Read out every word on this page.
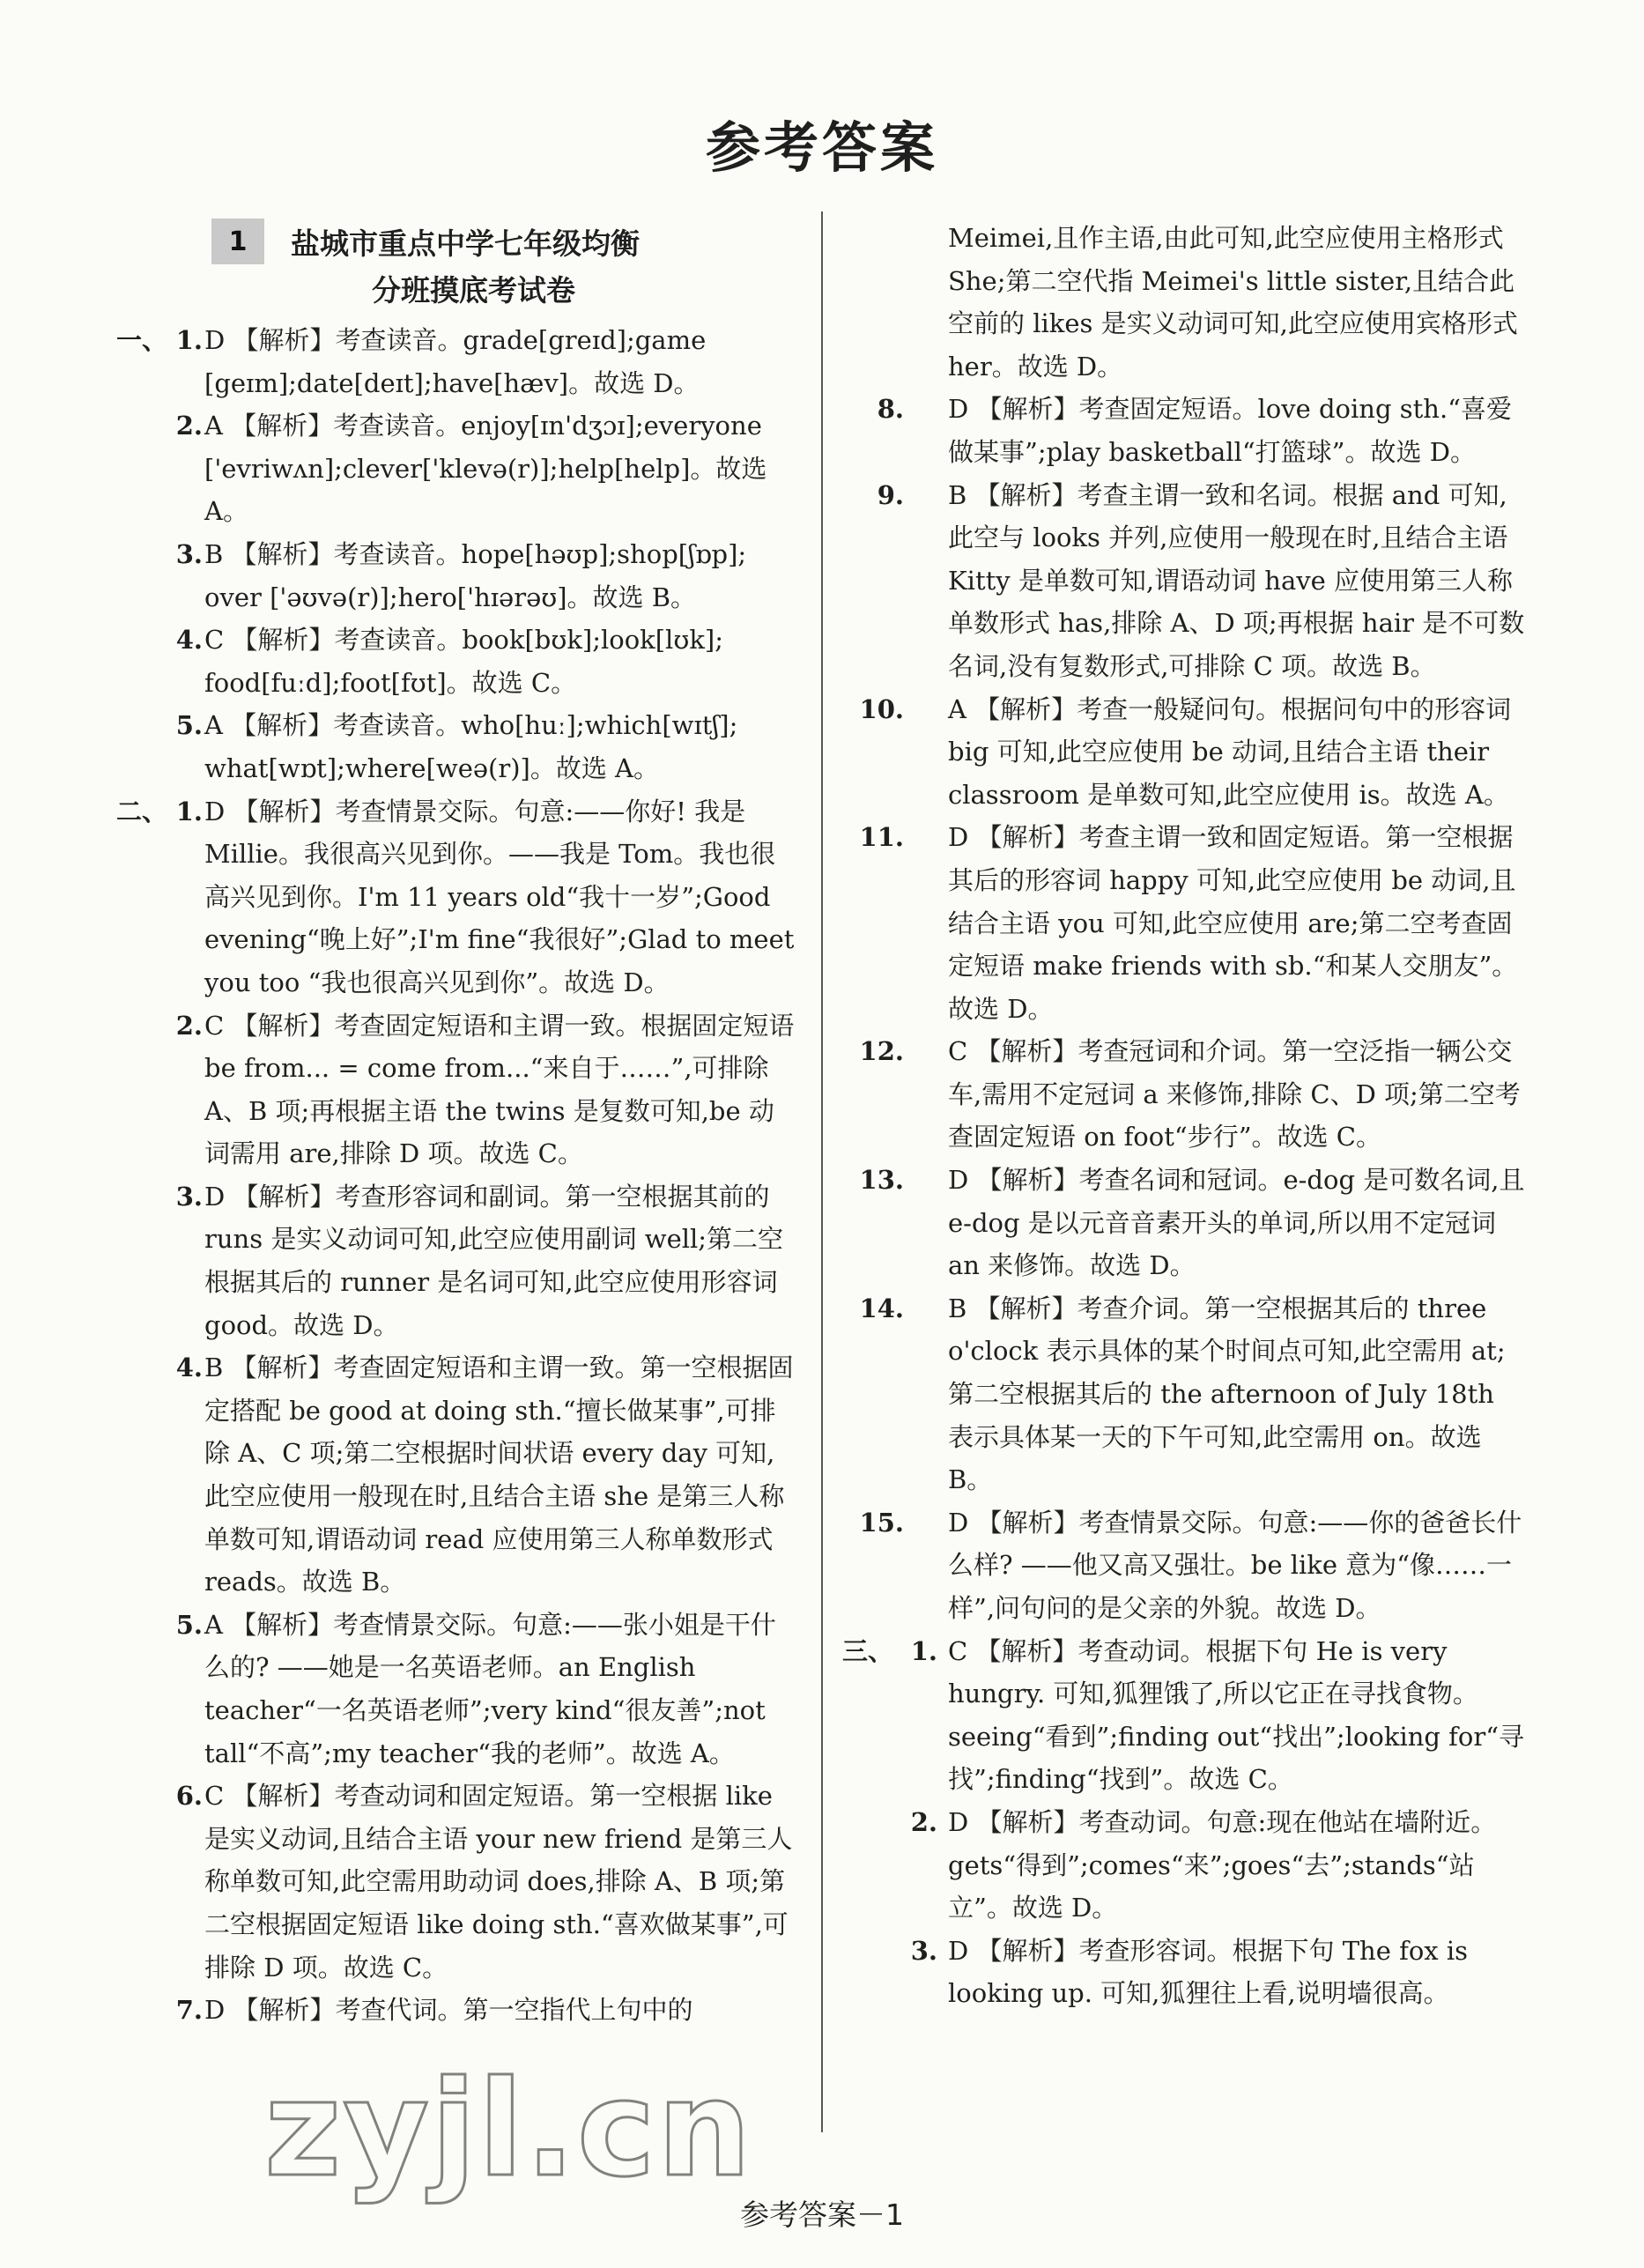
参考答案
1	盐城市重点中学七年级均衡
分班摸底考试卷
一、 1. D 【解析】考查读音。grade[greɪd];game [geɪm];date[deɪt];have[hæv]。故选 D。
2. A 【解析】考查读音。enjoy[ɪn'dʒɔɪ];everyone ['evriwʌn];clever['klevə(r)];help[help]。故选 A。
3. B 【解析】考查读音。hope[həʊp];shop[ʃɒp]; over ['əʊvə(r)];hero['hɪərəʊ]。故选 B。
4. C 【解析】考查读音。book[bʊk];look[lʊk]; food[fuːd];foot[fʊt]。故选 C。
5. A 【解析】考查读音。who[huː];which[wɪtʃ]; what[wɒt];where[weə(r)]。故选 A。
二、 1. D 【解析】考查情景交际。句意:——你好! 我是 Millie。我很高兴见到你。——我是 Tom。我也很高兴见到你。I'm 11 years old“我十一岁”;Good evening“晚上好”;I'm fine“我很好”;Glad to meet you too “我也很高兴见到你”。故选 D。
2. C 【解析】考查固定短语和主谓一致。根据固定短语 be from... = come from...“来自于……”,可排除 A、B 项;再根据主语 the twins 是复数可知,be 动词需用 are,排除 D 项。故选 C。
3. D 【解析】考查形容词和副词。第一空根据其前的 runs 是实义动词可知,此空应使用副词 well;第二空根据其后的 runner 是名词可知,此空应使用形容词 good。故选 D。
4. B 【解析】考查固定短语和主谓一致。第一空根据固定搭配 be good at doing sth.“擅长做某事”,可排除 A、C 项;第二空根据时间状语 every day 可知,此空应使用一般现在时,且结合主语 she 是第三人称单数可知,谓语动词 read 应使用第三人称单数形式 reads。故选 B。
5. A 【解析】考查情景交际。句意:——张小姐是干什么的? ——她是一名英语老师。an English teacher“一名英语老师”;very kind“很友善”;not tall“不高”;my teacher“我的老师”。故选 A。
6. C 【解析】考查动词和固定短语。第一空根据 like 是实义动词,且结合主语 your new friend 是第三人称单数可知,此空需用助动词 does,排除 A、B 项;第二空根据固定短语 like doing sth.“喜欢做某事”,可排除 D 项。故选 C。
7. D 【解析】考查代词。第一空指代上句中的
Meimei,且作主语,由此可知,此空应使用主格形式 She;第二空代指 Meimei's little sister,且结合此空前的 likes 是实义动词可知,此空应使用宾格形式 her。故选 D。
8. D 【解析】考查固定短语。love doing sth.“喜爱做某事”;play basketball“打篮球”。故选 D。
9. B 【解析】考查主谓一致和名词。根据 and 可知,此空与 looks 并列,应使用一般现在时,且结合主语 Kitty 是单数可知,谓语动词 have 应使用第三人称单数形式 has,排除 A、D 项;再根据 hair 是不可数名词,没有复数形式,可排除 C 项。故选 B。
10. A 【解析】考查一般疑问句。根据问句中的形容词 big 可知,此空应使用 be 动词,且结合主语 their classroom 是单数可知,此空应使用 is。故选 A。
11. D 【解析】考查主谓一致和固定短语。第一空根据其后的形容词 happy 可知,此空应使用 be 动词,且结合主语 you 可知,此空应使用 are;第二空考查固定短语 make friends with sb.“和某人交朋友”。故选 D。
12. C 【解析】考查冠词和介词。第一空泛指一辆公交车,需用不定冠词 a 来修饰,排除 C、D 项;第二空考查固定短语 on foot“步行”。故选 C。
13. D 【解析】考查名词和冠词。e-dog 是可数名词,且 e-dog 是以元音音素开头的单词,所以用不定冠词 an 来修饰。故选 D。
14. B 【解析】考查介词。第一空根据其后的 three o'clock 表示具体的某个时间点可知,此空需用 at;第二空根据其后的 the afternoon of July 18th 表示具体某一天的下午可知,此空需用 on。故选 B。
15. D 【解析】考查情景交际。句意:——你的爸爸长什么样? ——他又高又强壮。be like 意为“像……一样”,问句问的是父亲的外貌。故选 D。
三、 1. C 【解析】考查动词。根据下句 He is very hungry. 可知,狐狸饿了,所以它正在寻找食物。seeing“看到”;finding out“找出”;looking for“寻找”;finding“找到”。故选 C。
2. D 【解析】考查动词。句意:现在他站在墙附近。gets“得到”;comes“来”;goes“去”;stands“站立”。故选 D。
3. D 【解析】考查形容词。根据下句 The fox is looking up. 可知,狐狸往上看,说明墙很高。
zyjl.cn
参考答案－1
